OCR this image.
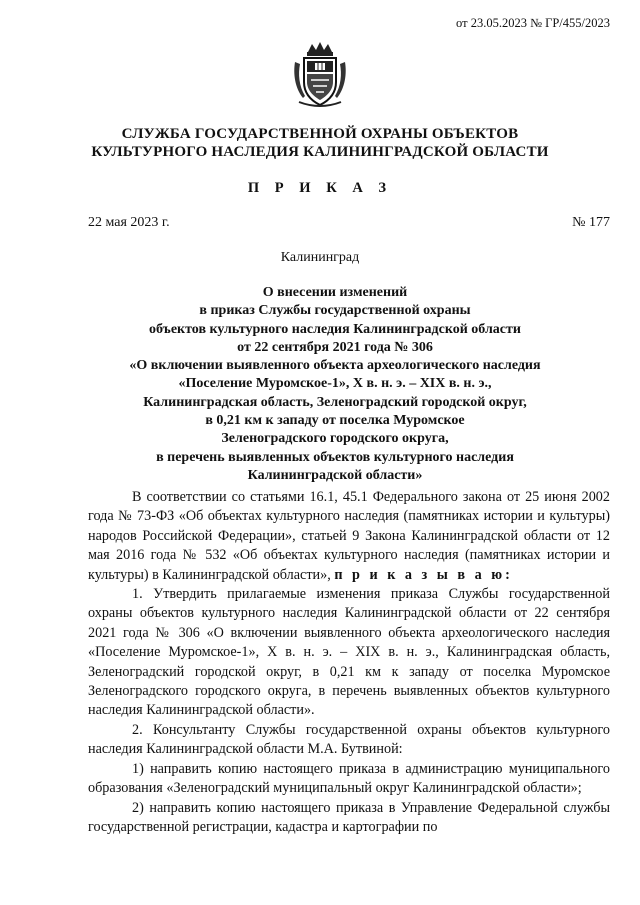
от 23.05.2023 № ГР/455/2023
СЛУЖБА ГОСУДАРСТВЕННОЙ ОХРАНЫ ОБЪЕКТОВ
КУЛЬТУРНОГО НАСЛЕДИЯ КАЛИНИНГРАДСКОЙ ОБЛАСТИ
П Р И К А З
22 мая 2023 г.	№ 177
Калининград
О внесении изменений
в приказ Службы государственной охраны
объектов культурного наследия Калининградской области
от 22 сентября 2021 года № 306
«О включении выявленного объекта археологического наследия
«Поселение Муромское-1», X в. н. э. – XIX в. н. э.,
Калининградская область, Зеленоградский городской округ,
в 0,21 км к западу от поселка Муромское
Зеленоградского городского округа,
в перечень выявленных объектов культурного наследия
Калининградской области»

В соответствии со статьями 16.1, 45.1 Федерального закона от 25 июня 2002 года № 73-ФЗ «Об объектах культурного наследия (памятниках истории и культуры) народов Российской Федерации», статьей 9 Закона Калининградской области от 12 мая 2016 года № 532 «Об объектах культурного наследия (памятниках истории и культуры) в Калининградской области», п р и к а з ы в а ю:

1. Утвердить прилагаемые изменения приказа Службы государственной охраны объектов культурного наследия Калининградской области от 22 сентября 2021 года № 306 «О включении выявленного объекта археологического наследия «Поселение Муромское-1», X в. н. э. – XIX в. н. э., Калининградская область, Зеленоградский городской округ, в 0,21 км к западу от поселка Муромское Зеленоградского городского округа, в перечень выявленных объектов культурного наследия Калининградской области».

2. Консультанту Службы государственной охраны объектов культурного наследия Калининградской области М.А. Бутвиной:

1) направить копию настоящего приказа в администрацию муниципального образования «Зеленоградский муниципальный округ Калининградской области»;

2) направить копию настоящего приказа в Управление Федеральной службы государственной регистрации, кадастра и картографии по
